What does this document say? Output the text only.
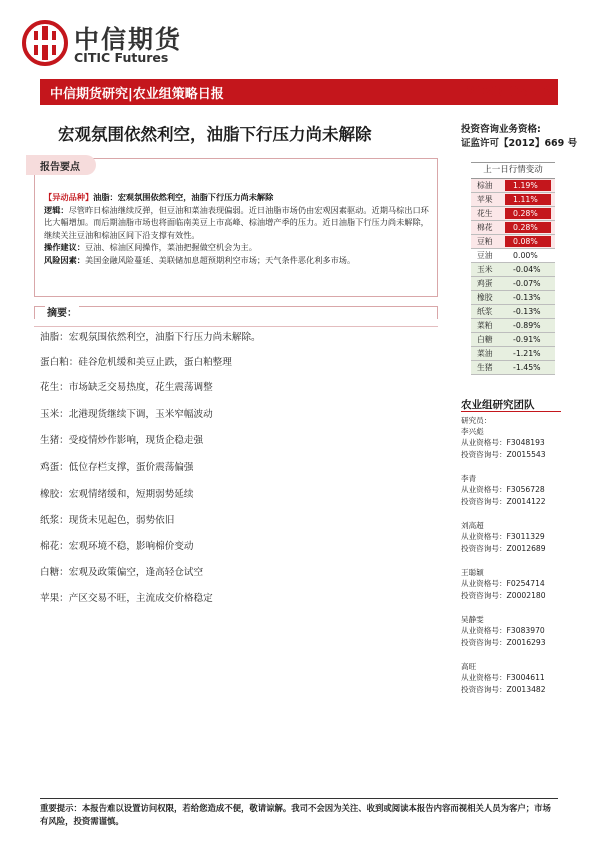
中信期货
CITIC Futures
中信期货研究|农业组策略日报	2023-03-16
宏观氛围依然利空，油脂下行压力尚未解除	投资咨询业务资格:
证监许可【2012】669 号
报告要点
【异动品种】油脂：宏观氛围依然利空，油脂下行压力尚未解除
逻辑：尽管昨日棕油继续反弹，但豆油和菜油表现偏弱。近日油脂市场仍由宏观因素驱动。近期马棕出口环比大幅增加。而后期油脂市场也将面临南美豆上市高峰、棕油增产季的压力。近日油脂下行压力尚未解除，继续关注豆油和棕油区间下沿支撑有效性。
操作建议：豆油、棕油区间操作，菜油把握做空机会为主。
风险因素：美国金融风险蔓延、美联储加息超预期利空市场；天气条件恶化利多市场。
摘要：
油脂：宏观氛围依然利空，油脂下行压力尚未解除。
蛋白粕：硅谷危机缓和美豆止跌，蛋白粕整理
花生：市场缺乏交易热度，花生震荡调整
玉米：北港现货继续下调，玉米窄幅波动
生猪：受疫情炒作影响，现货企稳走强
鸡蛋：低位存栏支撑，蛋价震荡偏强
橡胶：宏观情绪缓和，短期弱势延续
纸浆：现货未见起色，弱势依旧
棉花：宏观环境不稳，影响棉价变动
白糖：宏观及政策偏空，逢高轻仓试空
苹果：产区交易不旺，主流成交价格稳定
上一日行情变动
棕油	1.19%
苹果	1.11%
花生	0.28%
棉花	0.28%
豆粕	0.08%
豆油	0.00%
玉米	-0.04%
鸡蛋	-0.07%
橡胶	-0.13%
纸浆	-0.13%
菜粕	-0.89%
白糖	-0.91%
菜油	-1.21%
生猪	-1.45%
农业组研究团队
研究员：
李兴彪
从业资格号：F3048193
投资咨询号：Z0015543
李青
从业资格号：F3056728
投资咨询号：Z0014122
刘高超
从业资格号：F3011329
投资咨询号：Z0012689
王聪颖
从业资格号：F0254714
投资咨询号：Z0002180
吴静雯
从业资格号：F3083970
投资咨询号：Z0016293
高旺
从业资格号：F3004611
投资咨询号：Z0013482
重要提示：本报告难以设置访问权限，若给您造成不便，敬请谅解。我司不会因为关注、收到或阅读本报告内容而视相关人员为客户；市场有风险，投资需谨慎。
